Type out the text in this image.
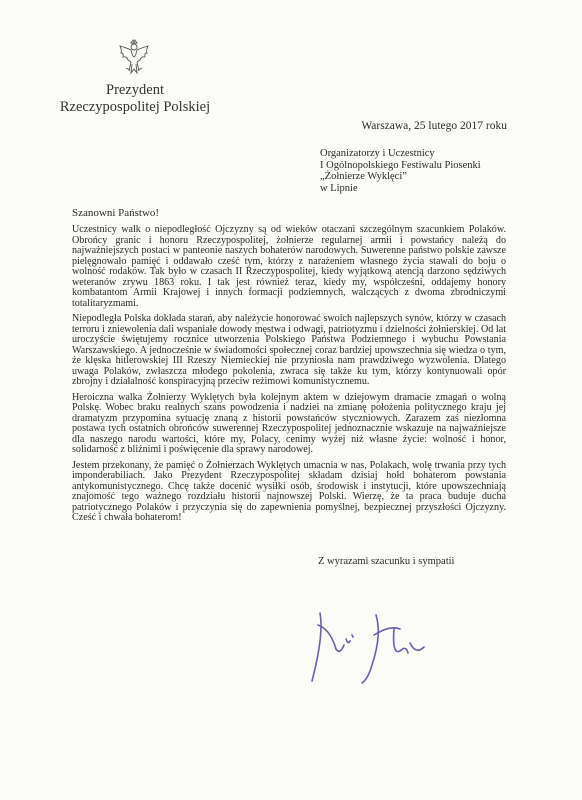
Prezydent
Rzeczypospolitej Polskiej
Warszawa, 25 lutego 2017 roku
Organizatorzy i Uczestnicy
I Ogólnopolskiego Festiwalu Piosenki
„Żołnierze Wyklęci”
w Lipnie
Szanowni Państwo!

Uczestnicy walk o niepodległość Ojczyzny są od wieków otaczani szczególnym szacunkiem Polaków. Obrońcy granic i honoru Rzeczypospolitej, żołnierze regularnej armii i powstańcy należą do najważniejszych postaci w panteonie naszych bohaterów narodowych. Suwerenne państwo polskie zawsze pielęgnowało pamięć i oddawało cześć tym, którzy z narażeniem własnego życia stawali do boju o wolność rodaków. Tak było w czasach II Rzeczypospolitej, kiedy wyjątkową atencją darzono sędziwych weteranów zrywu 1863 roku. I tak jest również teraz, kiedy my, współcześni, oddajemy honory kombatantom Armii Krajowej i innych formacji podziemnych, walczących z dwoma zbrodniczymi totalitaryzmami.

Niepodległa Polska dokłada starań, aby należycie honorować swoich najlepszych synów, którzy w czasach terroru i zniewolenia dali wspaniałe dowody męstwa i odwagi, patriotyzmu i dzielności żołnierskiej. Od lat uroczyście świętujemy rocznice utworzenia Polskiego Państwa Podziemnego i wybuchu Powstania Warszawskiego. A jednocześnie w świadomości społecznej coraz bardziej upowszechnia się wiedza o tym, że klęska hitlerowskiej III Rzeszy Niemieckiej nie przyniosła nam prawdziwego wyzwolenia. Dlatego uwaga Polaków, zwłaszcza młodego pokolenia, zwraca się także ku tym, którzy kontynuowali opór zbrojny i działalność konspiracyjną przeciw reżimowi komunistycznemu.

Heroiczna walka Żołnierzy Wyklętych była kolejnym aktem w dziejowym dramacie zmagań o wolną Polskę. Wobec braku realnych szans powodzenia i nadziei na zmianę położenia politycznego kraju jej dramatyzm przypomina sytuację znaną z historii powstańców styczniowych. Zarazem zaś niezłomna postawa tych ostatnich obrońców suwerennej Rzeczypospolitej jednoznacznie wskazuje na najważniejsze dla naszego narodu wartości, które my, Polacy, cenimy wyżej niż własne życie: wolność i honor, solidarność z bliźnimi i poświęcenie dla sprawy narodowej.

Jestem przekonany, że pamięć o Żołnierzach Wyklętych umacnia w nas, Polakach, wolę trwania przy tych imponderabiliach. Jako Prezydent Rzeczypospolitej składam dzisiaj hołd bohaterom powstania antykomunistycznego. Chcę także docenić wysiłki osób, środowisk i instytucji, które upowszechniają znajomość tego ważnego rozdziału historii najnowszej Polski. Wierzę, że ta praca buduje ducha patriotycznego Polaków i przyczynia się do zapewnienia pomyślnej, bezpiecznej przyszłości Ojczyzny. Cześć i chwała bohaterom!

Z wyrazami szacunku i sympatii
